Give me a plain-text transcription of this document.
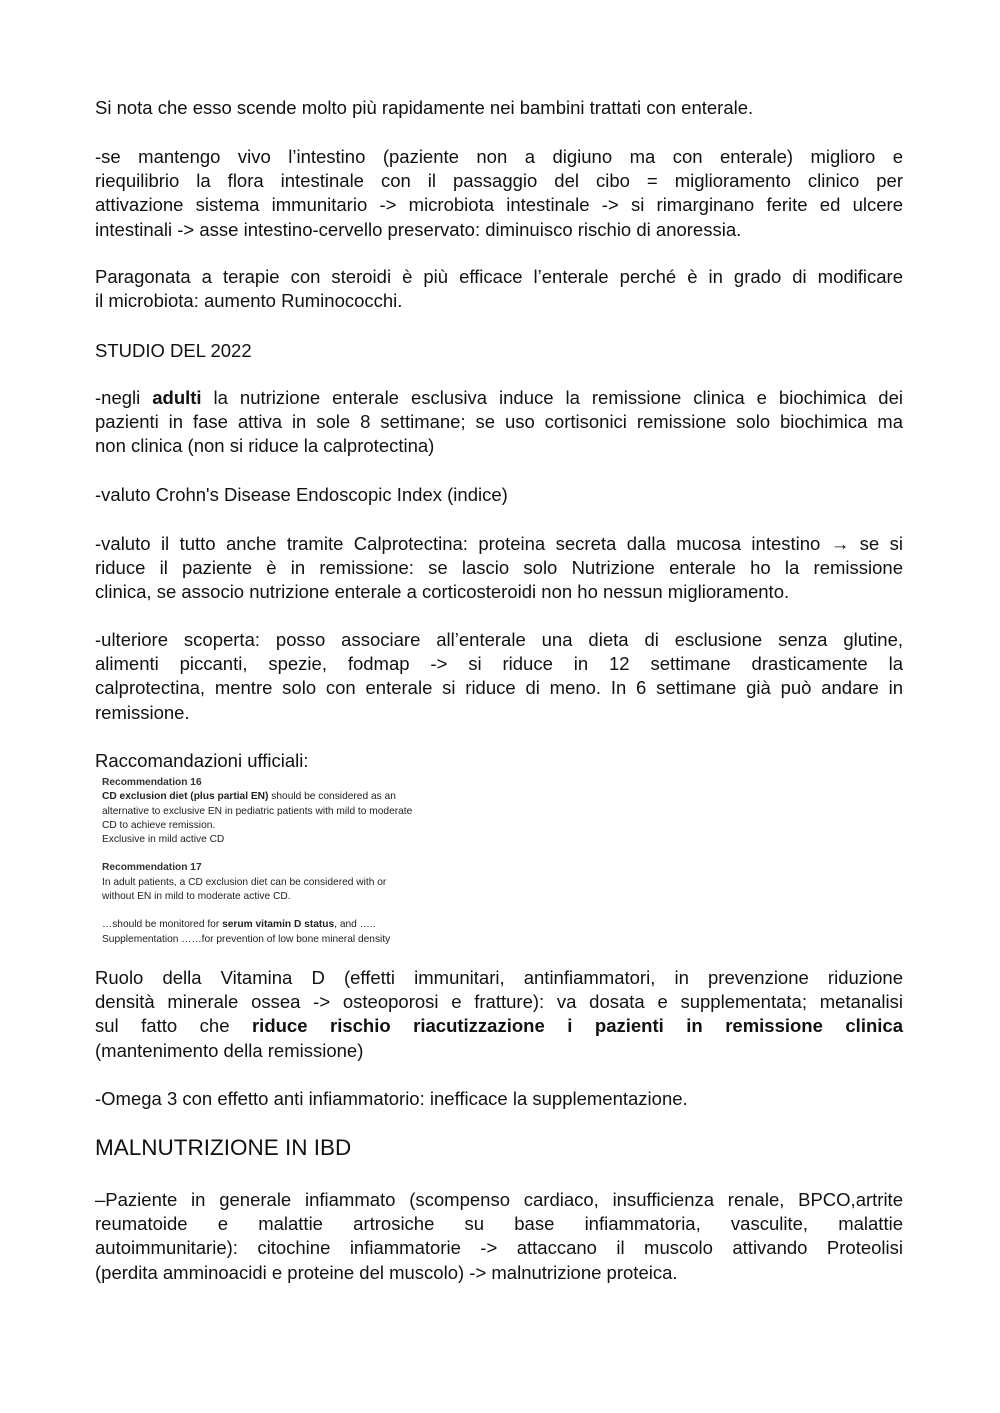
Si nota che esso scende molto più rapidamente nei bambini trattati con enterale.

-se mantengo vivo l’intestino (paziente non a digiuno ma con enterale) miglioro e
riequilibrio la flora intestinale con il passaggio del cibo = miglioramento clinico per
attivazione sistema immunitario -> microbiota intestinale -> si rimarginano ferite ed ulcere
intestinali -> asse intestino-cervello preservato: diminuisco rischio di anoressia.

Paragonata a terapie con steroidi è più efficace l’enterale perché è in grado di modificare
il microbiota: aumento Ruminococchi.

STUDIO DEL 2022

-negli adulti la nutrizione enterale esclusiva induce la remissione clinica e biochimica dei
pazienti in fase attiva in sole 8 settimane; se uso cortisonici remissione solo biochimica ma
non clinica (non si riduce la calprotectina)

-valuto Crohn's Disease Endoscopic Index (indice)

-valuto il tutto anche tramite Calprotectina: proteina secreta dalla mucosa intestino → se si
riduce il paziente è in remissione: se lascio solo Nutrizione enterale ho la remissione
clinica, se associo nutrizione enterale a corticosteroidi non ho nessun miglioramento.

-ulteriore scoperta: posso associare all’enterale una dieta di esclusione senza glutine,
alimenti piccanti, spezie, fodmap -> si riduce in 12 settimane drasticamente la
calprotectina, mentre solo con enterale si riduce di meno. In 6 settimane già può andare in
remissione.

Raccomandazioni ufficiali:

Recommendation 16
CD exclusion diet (plus partial EN) should be considered as an
alternative to exclusive EN in pediatric patients with mild to moderate
CD to achieve remission.
Exclusive in mild active CD
Recommendation 17
In adult patients, a CD exclusion diet can be considered with or
without EN in mild to moderate active CD.
…should be monitored for serum vitamin D status, and …..
Supplementation ……for prevention of low bone mineral density

Ruolo della Vitamina D (effetti immunitari, antinfiammatori, in prevenzione riduzione
densità minerale ossea -> osteoporosi e fratture): va dosata e supplementata; metanalisi
sul fatto che riduce rischio riacutizzazione i pazienti in remissione clinica
(mantenimento della remissione)

-Omega 3 con effetto anti infiammatorio: inefficace la supplementazione.

MALNUTRIZIONE IN IBD

–Paziente in generale infiammato (scompenso cardiaco, insufficienza renale, BPCO,artrite
reumatoide e malattie artrosiche su base infiammatoria, vasculite, malattie
autoimmunitarie): citochine infiammatorie -> attaccano il muscolo attivando Proteolisi
(perdita amminoacidi e proteine del muscolo) -> malnutrizione proteica.
